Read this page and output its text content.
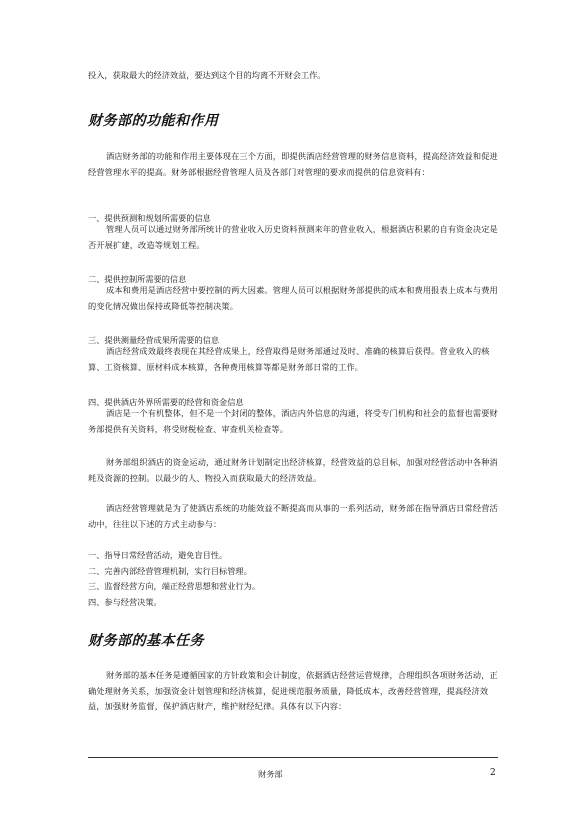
投入，获取最大的经济效益，要达到这个目的均离不开财会工作。

财务部的功能和作用

酒店财务部的功能和作用主要体现在三个方面，即提供酒店经营管理的财务信息资料，提高经济效益和促进经营管理水平的提高。财务部根据经营管理人员及各部门对管理的要求而提供的信息资料有：

一、提供预测和规划所需要的信息

管理人员可以通过财务部所统计的营业收入历史资料预测来年的营业收入，根据酒店积累的自有资金决定是否开展扩建，改造等规划工程。

二、提供控制所需要的信息

成本和费用是酒店经营中要控制的两大因素。管理人员可以根据财务部提供的成本和费用报表上成本与费用的变化情况做出保持或降低等控制决策。

三、提供测量经营成果所需要的信息

酒店经营成效最终表现在其经营成果上，经营取得是财务部通过及时、准确的核算后获得。营业收入的核算、工资核算、原材料成本核算，各种费用核算等都是财务部日常的工作。

四、提供酒店外界所需要的经营和资金信息

酒店是一个有机整体，但不是一个封闭的整体，酒店内外信息的沟通，将受专门机构和社会的监督也需要财务部提供有关资料，将受财税检查、审查机关检查等。

财务部组织酒店的资金运动，通过财务计划制定出经济核算，经营效益的总目标，加强对经营活动中各种消耗及资源的控制。以最少的人、物投入而获取最大的经济效益。

酒店经营管理就是为了使酒店系统的功能效益不断提高而从事的一系列活动，财务部在指导酒店日常经营活动中，往往以下述的方式主动参与：

一、指导日常经营活动，避免盲目性。

二、完善内部经营管理机制，实行目标管理。

三、监督经营方向，端正经营思想和营业行为。

四、参与经营决策。

财务部的基本任务

财务部的基本任务是遵循国家的方针政策和会计制度，依据酒店经营运营规律，合理组织各项财务活动，正确处理财务关系，加强资金计划管理和经济核算，促进规范服务质量，降低成本，改善经营管理，提高经济效益，加强财务监督，保护酒店财产，维护财经纪律。具体有以下内容：

财务部	2
